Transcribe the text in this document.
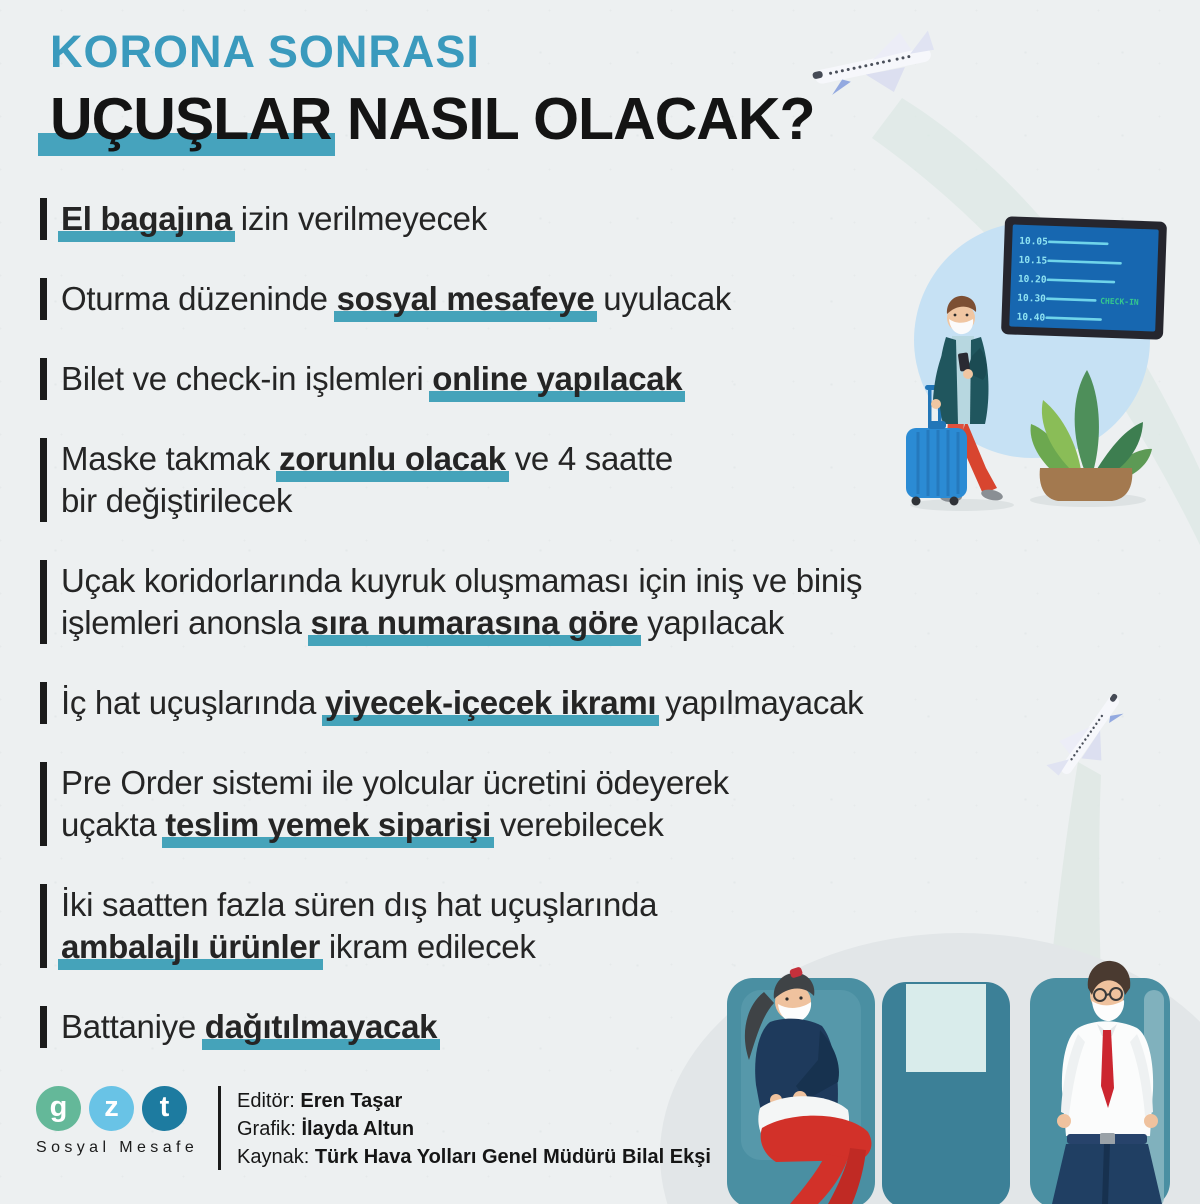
10.05
10.15
10.20
10.30
10.40
CHECK-IN
KORONA SONRASI
UÇUŞLAR NASIL OLACAK?
El bagajına izin verilmeyecek
Oturma düzeninde sosyal mesafeye uyulacak
Bilet ve check-in işlemleri online yapılacak
Maske takmak zorunlu olacak ve 4 saatte
bir değiştirilecek
Uçak koridorlarında kuyruk oluşmaması için iniş ve biniş
işlemleri anonsla sıra numarasına göre yapılacak
İç hat uçuşlarında yiyecek-içecek ikramı yapılmayacak
Pre Order sistemi ile yolcular ücretini ödeyerek
uçakta teslim yemek siparişi verebilecek
İki saatten fazla süren dış hat uçuşlarında
ambalajlı ürünler ikram edilecek
Battaniye dağıtılmayacak
g	z	t
Sosyal Mesafe
Editör: Eren Taşar
Grafik: İlayda Altun
Kaynak: Türk Hava Yolları Genel Müdürü Bilal Ekşi
